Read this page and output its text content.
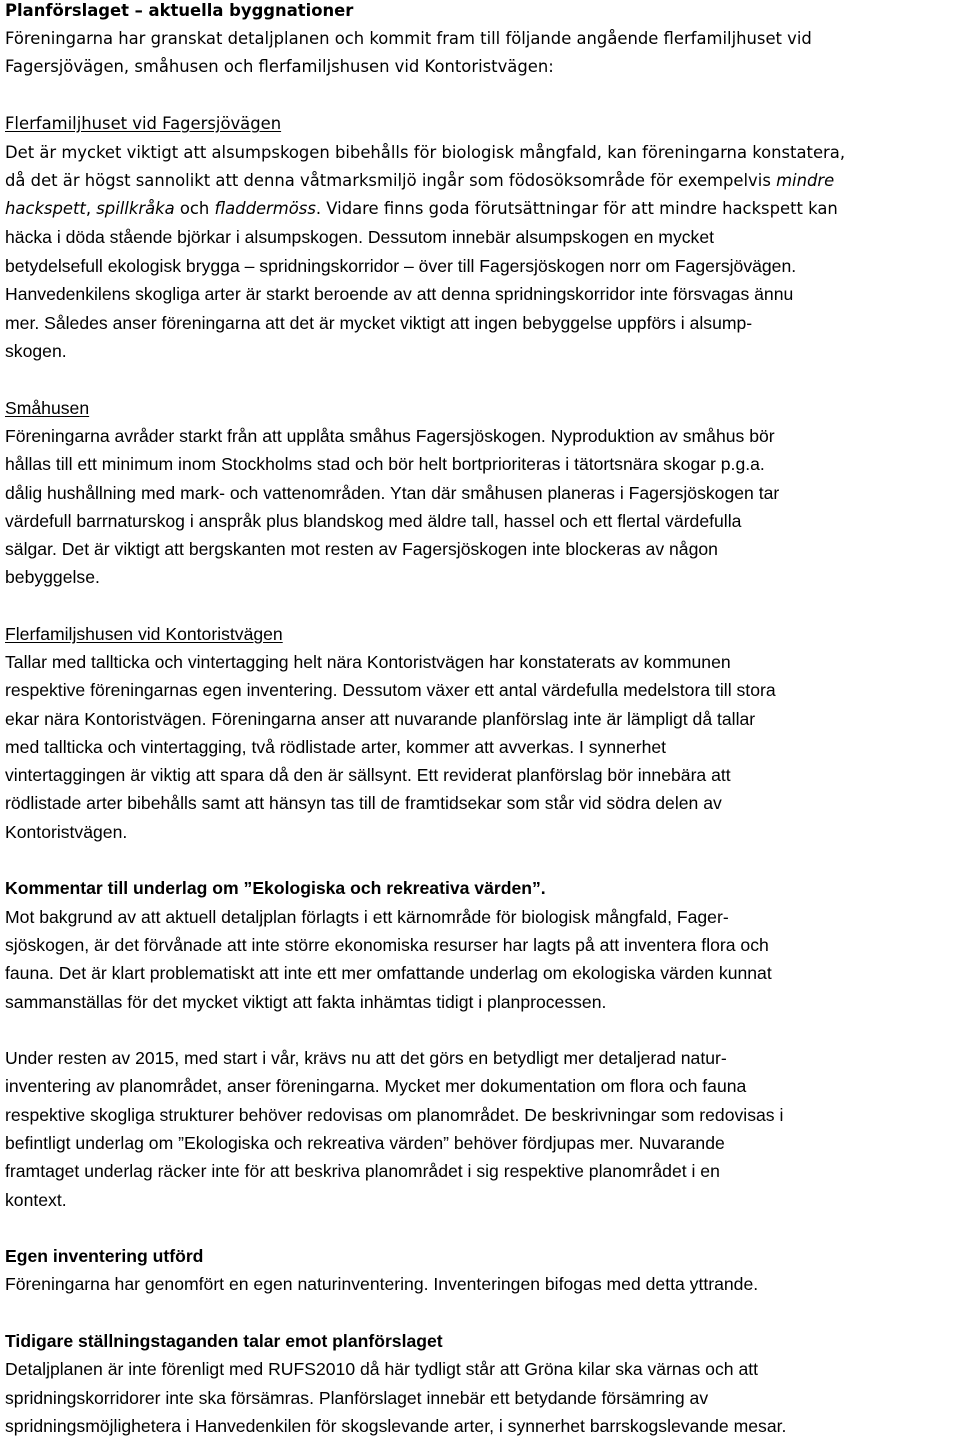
Planförslaget – aktuella byggnationer
Föreningarna har granskat detaljplanen och kommit fram till följande angående flerfamiljhuset vid
Fagersjövägen, småhusen och flerfamiljshusen vid Kontoristvägen:
Flerfamiljhuset vid Fagersjövägen
Det är mycket viktigt att alsumpskogen bibehålls för biologisk mångfald, kan föreningarna konstatera,
då det är högst sannolikt att denna våtmarksmiljö ingår som födosöksområde för exempelvis mindre
hackspett, spillkråka och fladdermöss. Vidare finns goda förutsättningar för att mindre hackspett kan
häcka i döda stående björkar i alsumpskogen. Dessutom innebär alsumpskogen en mycket
betydelsefull ekologisk brygga – spridningskorridor – över till Fagersjöskogen norr om Fagersjövägen.
Hanvedenkilens skogliga arter är starkt beroende av att denna spridningskorridor inte försvagas ännu
mer. Således anser föreningarna att det är mycket viktigt att ingen bebyggelse uppförs i alsump-
skogen.
Småhusen
Föreningarna avråder starkt från att upplåta småhus Fagersjöskogen. Nyproduktion av småhus bör
hållas till ett minimum inom Stockholms stad och bör helt bortprioriteras i tätortsnära skogar p.g.a.
dålig hushållning med mark- och vattenområden. Ytan där småhusen planeras i Fagersjöskogen tar
värdefull barrnaturskog i anspråk plus blandskog med äldre tall, hassel och ett flertal värdefulla
sälgar. Det är viktigt att bergskanten mot resten av Fagersjöskogen inte blockeras av någon
bebyggelse.
Flerfamiljshusen vid Kontoristvägen
Tallar med tallticka och vintertagging helt nära Kontoristvägen har konstaterats av kommunen
respektive föreningarnas egen inventering. Dessutom växer ett antal värdefulla medelstora till stora
ekar nära Kontoristvägen. Föreningarna anser att nuvarande planförslag inte är lämpligt då tallar
med tallticka och vintertagging, två rödlistade arter, kommer att avverkas. I synnerhet
vintertaggingen är viktig att spara då den är sällsynt. Ett reviderat planförslag bör innebära att
rödlistade arter bibehålls samt att hänsyn tas till de framtidsekar som står vid södra delen av
Kontoristvägen.
Kommentar till underlag om ”Ekologiska och rekreativa värden”.
Mot bakgrund av att aktuell detaljplan förlagts i ett kärnområde för biologisk mångfald, Fager-
sjöskogen, är det förvånade att inte större ekonomiska resurser har lagts på att inventera flora och
fauna. Det är klart problematiskt att inte ett mer omfattande underlag om ekologiska värden kunnat
sammanställas för det mycket viktigt att fakta inhämtas tidigt i planprocessen.
Under resten av 2015, med start i vår, krävs nu att det görs en betydligt mer detaljerad natur-
inventering av planområdet, anser föreningarna. Mycket mer dokumentation om flora och fauna
respektive skogliga strukturer behöver redovisas om planområdet. De beskrivningar som redovisas i
befintligt underlag om ”Ekologiska och rekreativa värden” behöver fördjupas mer. Nuvarande
framtaget underlag räcker inte för att beskriva planområdet i sig respektive planområdet i en
kontext.
Egen inventering utförd
Föreningarna har genomfört en egen naturinventering. Inventeringen bifogas med detta yttrande.
Tidigare ställningstaganden talar emot planförslaget
Detaljplanen är inte förenligt med RUFS2010 då här tydligt står att Gröna kilar ska värnas och att
spridningskorridorer inte ska försämras. Planförslaget innebär ett betydande försämring av
spridningsmöjlighetera i Hanvedenkilen för skogslevande arter, i synnerhet barrskogslevande mesar.
